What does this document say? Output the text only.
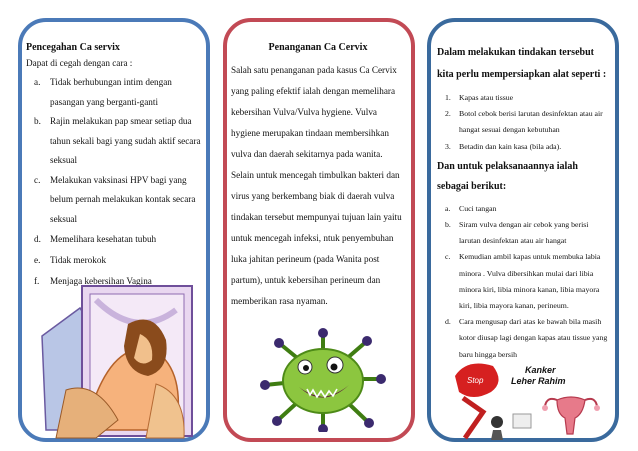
Pencegahan Ca servix
Dapat di cegah dengan cara :
a. Tidak berhubungan intim dengan pasangan yang berganti-ganti
b. Rajin melakukan pap smear setiap dua tahun sekali bagi yang sudah aktif secara seksual
c. Melakukan vaksinasi HPV bagi yang belum pernah melakukan kontak secara seksual
d. Memelihara kesehatan tubuh
e. Tidak merokok
f. Menjaga kebersihan Vagina
Penanganan Ca Cervix
Salah satu penanganan pada kasus Ca Cervix yang paling efektif ialah dengan memelihara kebersihan Vulva/Vulva hygiene. Vulva hygiene merupakan tindaan membersihkan vulva dan daerah sekitarnya pada wanita. Selain untuk mencegah timbulkan bakteri dan virus yang berkembang biak di daerah vulva tindakan tersebut mempunyai tujuan lain yaitu untuk mencegah infeksi, ntuk penyembuhan luka jahitan perineum (pada Wanita post partum), untuk kebersihan perineum dan memberikan rasa nyaman.
Dalam melakukan tindakan tersebut kita perlu mempersiapkan alat seperti :
1. Kapas atau tissue
2. Botol cebok berisi larutan desinfektan atau air hangat sesuai dengan kebutuhan
3. Betadin dan kain kasa (bila ada).
Dan untuk pelaksanaannya ialah sebagai berikut:
a. Cuci tangan
b. Siram vulva dengan air cebok yang berisi larutan desinfektan atau air hangat
c. Kemudian ambil kapas untuk membuka labia minora . Vulva dibersihkan mulai dari libia minora kiri, libia minora kanan, libia mayora kiri, libia mayora kanan, perineum.
d. Cara mengusap dari atas ke bawah bila masih kotor diusap lagi dengan kapas atau tissue yang baru hingga bersih
Kanker
Leher Rahim
Stop
